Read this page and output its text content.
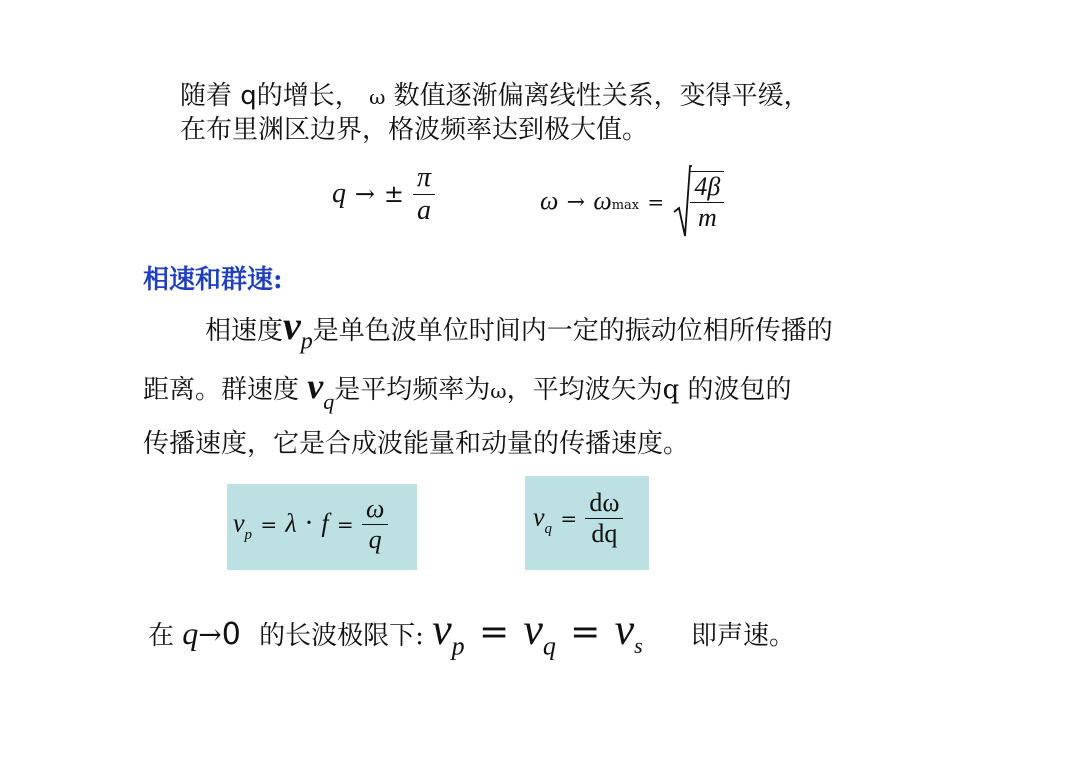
随着 q的增长， ω 数值逐渐偏离线性关系，变得平缓，
在布里渊区边界，格波频率达到极大值。
q → ± $\frac{\pi}{a}$	$\omega \to \omega\max = \frac{4\beta}{m}$
相速和群速:
相速度vp是单色波单位时间内一定的振动位相所传播的
距离。群速度 $v_q$是平均频率为ω，平均波矢为q 的波包的
传播速度，它是合成波能量和动量的传播速度。
$v_p = \lambda \cdot f = \frac{\omega}{q}$	$v_q = \frac{d\omega}{dq}$
在 q→0 的长波极限下: vp = vq = $v_s$ 即声速。
